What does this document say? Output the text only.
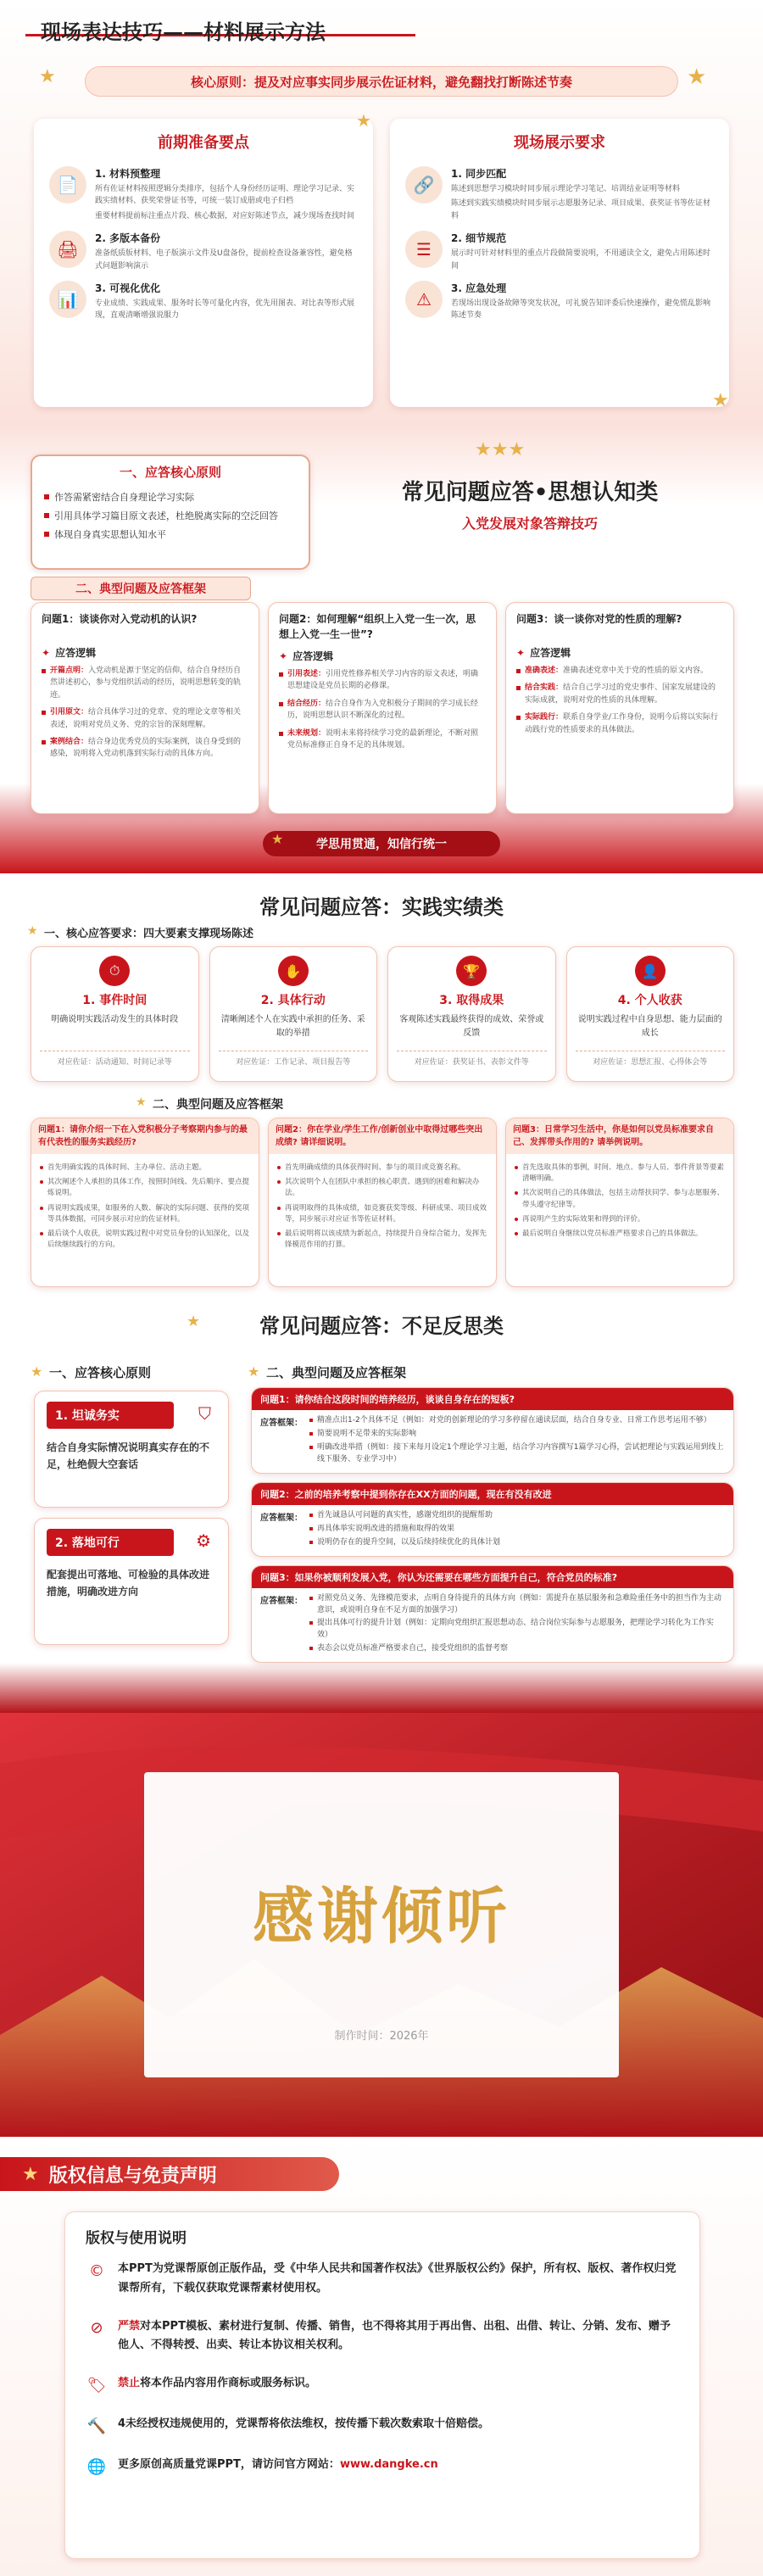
现场表达技巧——材料展示方法
核心原则：提及对应事实同步展示佐证材料，避免翻找打断陈述节奏
★	★
前期准备要点
📄
1. 材料预整理
所有佐证材料按照逻辑分类排序，包括个人身份经历证明、理论学习记录、实践实绩材料、获奖荣誉证书等，可统一装订成册或电子归档
重要材料提前标注重点片段、核心数据，对应好陈述节点，减少现场查找时间
🖨
2. 多版本备份
准备纸质版材料、电子版演示文件及U盘备份，提前检查设备兼容性，避免格式问题影响演示
📊
3. 可视化优化
专业成绩、实践成果、服务时长等可量化内容，优先用图表、对比表等形式展现，直观清晰增强说服力
现场展示要求
🔗
1. 同步匹配
陈述到思想学习模块时同步展示理论学习笔记、培训结业证明等材料
陈述到实践实绩模块时同步展示志愿服务记录、项目成果、获奖证书等佐证材料
☰
2. 细节规范
展示时可针对材料里的重点片段做简要说明，不用通读全文，避免占用陈述时间
⚠
3. 应急处理
若现场出现设备故障等突发状况，可礼貌告知评委后快速操作，避免慌乱影响陈述节奏
★
★
一、应答核心原则
作答需紧密结合自身理论学习实际
引用具体学习篇目原文表述，杜绝脱离实际的空泛回答
体现自身真实思想认知水平
★★★
常见问题应答•思想认知类
入党发展对象答辩技巧
二、典型问题及应答框架
问题1：谈谈你对入党动机的认识?
✦ 应答逻辑
开篇点明：入党动机是源于坚定的信仰，结合自身经历自然讲述初心，参与党组织活动的经历，说明思想转变的轨迹。
引用原文：结合具体学习过的党章、党的理论文章等相关表述，说明对党员义务、党的宗旨的深刻理解。
案例结合：结合身边优秀党员的实际案例，谈自身受到的感染，说明将入党动机落到实际行动的具体方向。
问题2：如何理解“组织上入党一生一次，思想上入党一生一世”?
✦ 应答逻辑
引用表述：引用党性修养相关学习内容的原文表述，明确思想建设是党员长期的必修课。
结合经历：结合自身作为入党积极分子期间的学习成长经历，说明思想认识不断深化的过程。
未来规划：说明未来将持续学习党的最新理论，不断对照党员标准修正自身不足的具体规划。
问题3：谈一谈你对党的性质的理解?
✦ 应答逻辑
准确表述：准确表述党章中关于党的性质的原文内容。
结合实践：结合自己学习过的党史事件、国家发展建设的实际成就，说明对党的性质的具体理解。
实际践行：联系自身学业/工作身份，说明今后将以实际行动践行党的性质要求的具体做法。
学思用贯通，知信行统一
★
常见问题应答：实践实绩类
★ 一、核心应答要求：四大要素支撑现场陈述
⏱
1. 事件时间
明确说明实践活动发生的具体时段
对应佐证：活动通知、时间记录等
✋
2. 具体行动
清晰阐述个人在实践中承担的任务、采取的举措
对应佐证：工作记录、项目报告等
🏆
3. 取得成果
客观陈述实践最终获得的成效、荣誉或反馈
对应佐证：获奖证书、表彰文件等
👤
4. 个人收获
说明实践过程中自身思想、能力层面的成长
对应佐证：思想汇报、心得体会等
★ 二、典型问题及应答框架
问题1：请你介绍一下在入党积极分子考察期内参与的最有代表性的服务实践经历?
首先明确实践的具体时间、主办单位、活动主题。
其次阐述个人承担的具体工作，按照时间线、先后顺序、要点提炼说明。
再说明实践成果，如服务的人数、解决的实际问题、获得的奖项等具体数据，可同步展示对应的佐证材料。
最后谈个人收获，说明实践过程中对党员身份的认知深化，以及后续继续践行的方向。
问题2：你在学业/学生工作/创新创业中取得过哪些突出成绩? 请详细说明。
首先明确成绩的具体获得时间、参与的项目或竞赛名称。
其次说明个人在团队中承担的核心职责、遇到的困难和解决办法。
再说明取得的具体成绩，如竞赛获奖等级、科研成果、项目成效等，同步展示对应证书等佐证材料。
最后说明将以该成绩为新起点，持续提升自身综合能力，发挥先锋模范作用的打算。
问题3：日常学习生活中，你是如何以党员标准要求自己、发挥带头作用的? 请举例说明。
首先选取具体的事例，时间、地点、参与人员、事件背景等要素清晰明确。
其次说明自己的具体做法，包括主动帮扶同学、参与志愿服务、带头遵守纪律等。
再说明产生的实际效果和得到的评价。
最后说明自身继续以党员标准严格要求自己的具体做法。
★	常见问题应答：不足反思类
★ 一、应答核心原则	★ 二、典型问题及应答框架
1. 坦诚务实	⛉
结合自身实际情况说明真实存在的不足，杜绝假大空套话
2. 落地可行	⚙
配套提出可落地、可检验的具体改进措施，明确改进方向
问题1：请你结合这段时间的培养经历，谈谈自身存在的短板?
应答框架：	精准点出1-2个具体不足（例如：对党的创新理论的学习多停留在通读层面，结合自身专业、日常工作思考运用不够）
简要说明不足带来的实际影响
明确改进举措（例如：接下来每月设定1个理论学习主题，结合学习内容撰写1篇学习心得，尝试把理论与实践运用到线上线下服务、专业学习中）
问题2：之前的培养考察中提到你存在XX方面的问题，现在有没有改进
应答框架：	首先诚恳认可问题的真实性，感谢党组织的提醒帮助
再具体举实说明改进的措施和取得的效果
说明仍存在的提升空间，以及后续持续优化的具体计划
问题3：如果你被顺利发展入党，你认为还需要在哪些方面提升自己，符合党员的标准?
应答框架：	对照党员义务、先锋模范要求，点明自身待提升的具体方向（例如：需提升在基层服务和急难险重任务中的担当作为主动意识，或说明自身在不足方面的加强学习）
提出具体可行的提升计划（例如：定期向党组织汇报思想动态、结合岗位实际参与志愿服务，把理论学习转化为工作实效）
表态会以党员标准严格要求自己，接受党组织的监督考察
感谢倾听
制作时间：2026年
★ 版权信息与免责声明
版权与使用说明
©	本PPT为党课帮原创正版作品，受《中华人民共和国著作权法》《世界版权公约》保护，所有权、版权、著作权归党课帮所有，下载仅获取党课帮素材使用权。
⊘	严禁对本PPT模板、素材进行复制、传播、销售，也不得将其用于再出售、出租、出借、转让、分销、发布、赠予他人、不得转授、出卖、转让本协议相关权利。
🏷 禁止将本作品内容用作商标或服务标识。
🔨 4未经授权违规使用的，党课帮将依法维权，按传播下载次数索取十倍赔偿。
🌐 更多原创高质量党课PPT，请访问官方网站：www.dangke.cn
